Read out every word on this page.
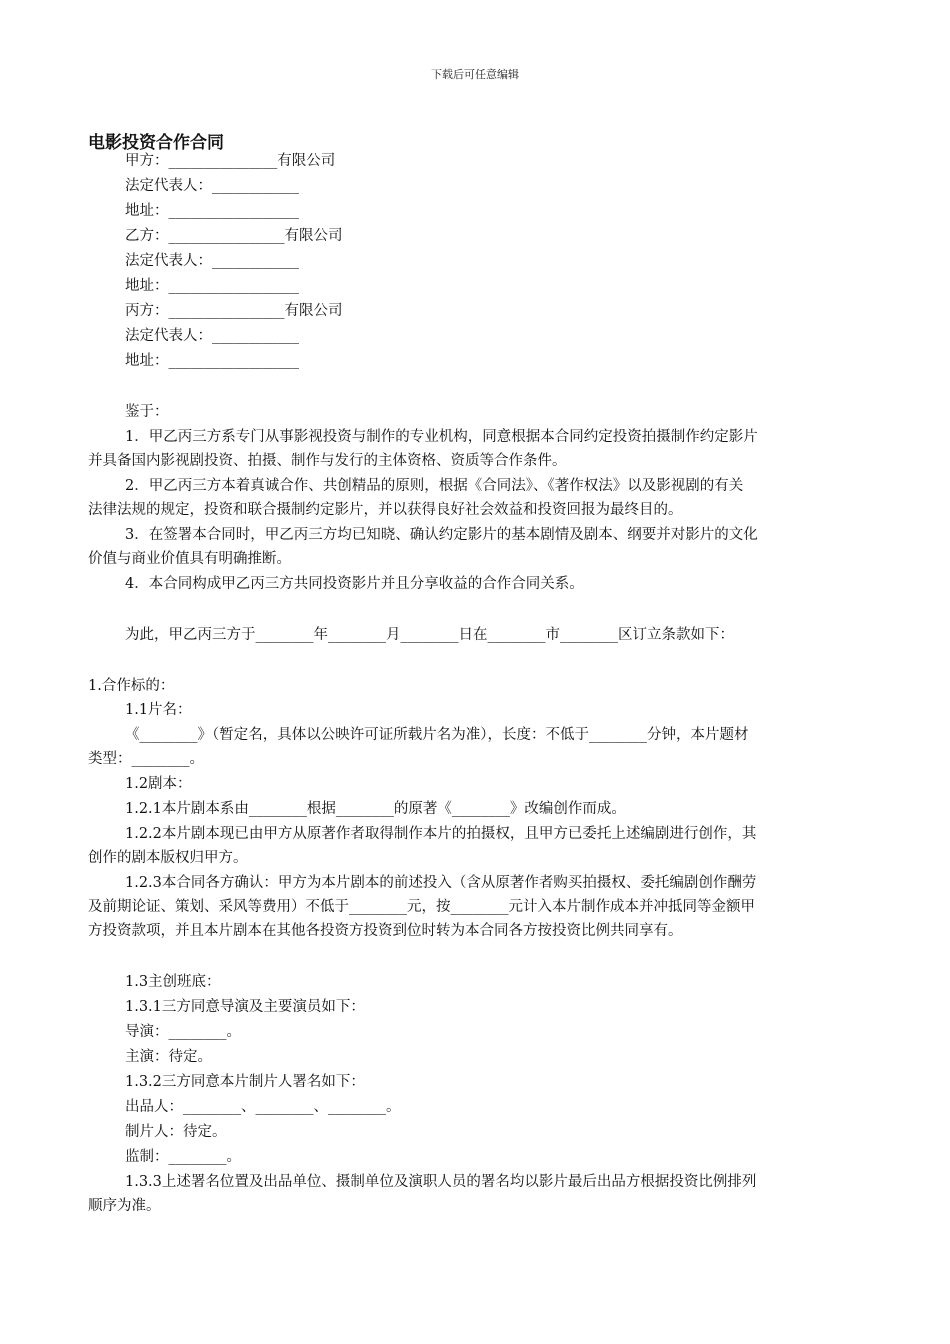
下载后可任意编辑
电影投资合作合同
甲方：_______________有限公司
法定代表人：____________
地址：__________________
乙方：________________有限公司
法定代表人：____________
地址：__________________
丙方：________________有限公司
法定代表人：____________
地址：__________________
鉴于：
1．甲乙丙三方系专门从事影视投资与制作的专业机构，同意根据本合同约定投资拍摄制作约定影片
并具备国内影视剧投资、拍摄、制作与发行的主体资格、资质等合作条件。
2．甲乙丙三方本着真诚合作、共创精品的原则，根据《合同法》、《著作权法》以及影视剧的有关
法律法规的规定，投资和联合摄制约定影片，并以获得良好社会效益和投资回报为最终目的。
3．在签署本合同时，甲乙丙三方均已知晓、确认约定影片的基本剧情及剧本、纲要并对影片的文化
价值与商业价值具有明确推断。
4．本合同构成甲乙丙三方共同投资影片并且分享收益的合作合同关系。
为此，甲乙丙三方于________年________月________日在________市________区订立条款如下：
1.合作标的：
1.1片名：
《________》（暂定名，具体以公映许可证所载片名为准），长度：不低于________分钟，本片题材
类型：________。
1.2剧本：
1.2.1本片剧本系由________根据________的原著《________》改编创作而成。
1.2.2本片剧本现已由甲方从原著作者取得制作本片的拍摄权，且甲方已委托上述编剧进行创作，其
创作的剧本版权归甲方。
1.2.3本合同各方确认：甲方为本片剧本的前述投入（含从原著作者购买拍摄权、委托编剧创作酬劳
及前期论证、策划、采风等费用）不低于________元，按________元计入本片制作成本并冲抵同等金额甲
方投资款项，并且本片剧本在其他各投资方投资到位时转为本合同各方按投资比例共同享有。
1.3主创班底：
1.3.1三方同意导演及主要演员如下：
导演：________。
主演：待定。
1.3.2三方同意本片制片人署名如下：
出品人：________、________、________。
制片人：待定。
监制：________。
1.3.3上述署名位置及出品单位、摄制单位及演职人员的署名均以影片最后出品方根据投资比例排列
顺序为准。
